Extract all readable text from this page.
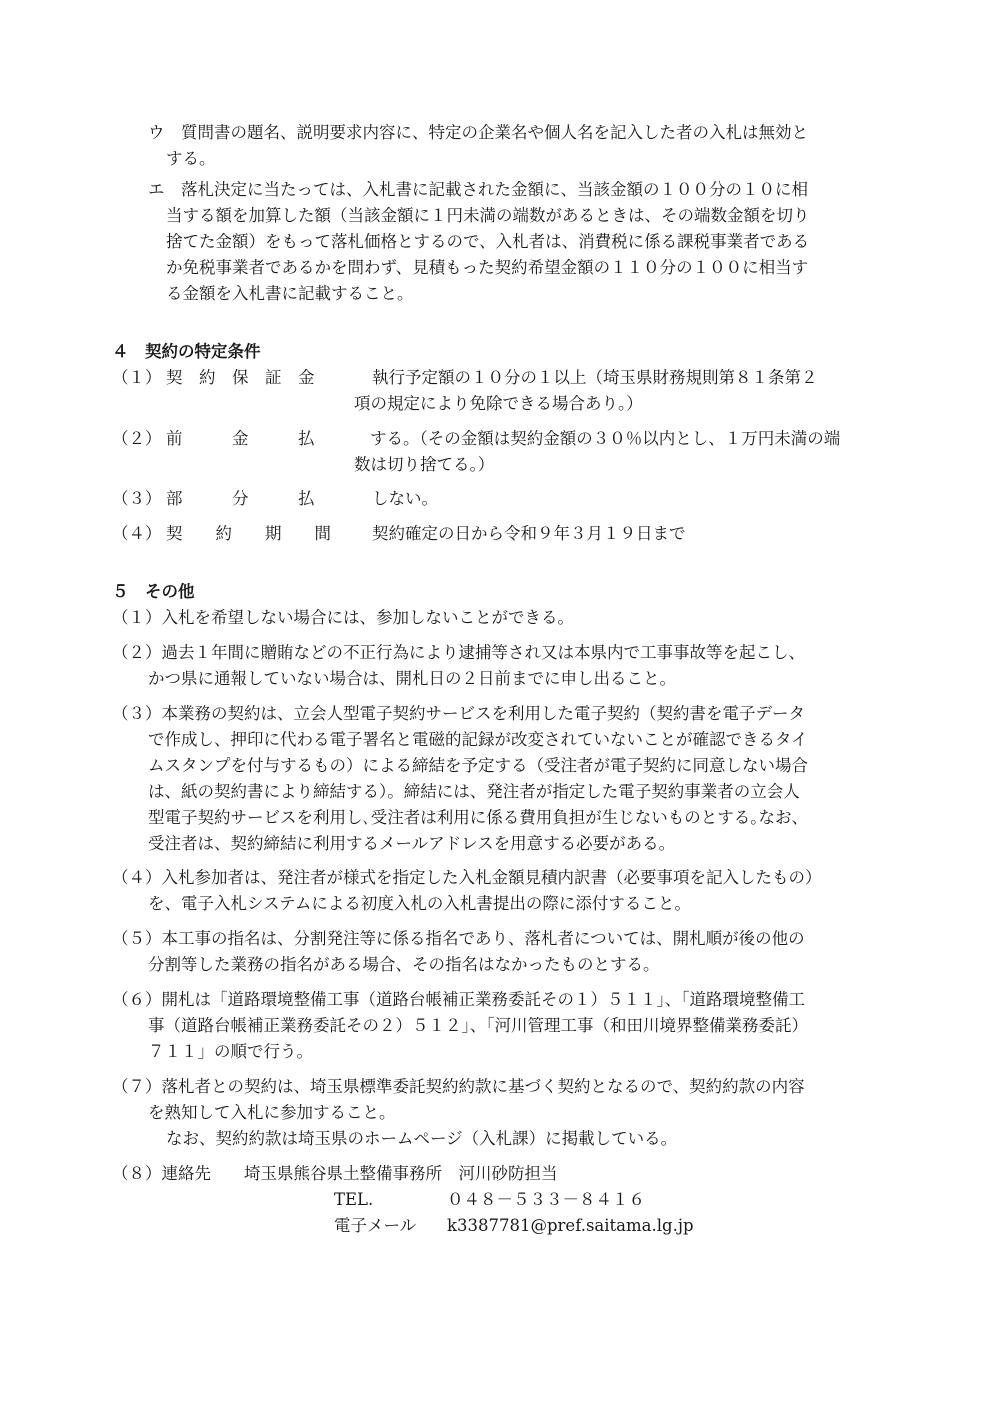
ウ　質問書の題名、説明要求内容に、特定の企業名や個人名を記入した者の入札は無効と
する。
エ　落札決定に当たっては、入札書に記載された金額に、当該金額の１００分の１０に相
当する額を加算した額（当該金額に１円未満の端数があるときは、その端数金額を切り
捨てた金額）をもって落札価格とするので、入札者は、消費税に係る課税事業者である
か免税事業者であるかを問わず、見積もった契約希望金額の１１０分の１００に相当す
る金額を入札書に記載すること。
４　契約の特定条件
（１） 契　約　保　証　金	執行予定額の１０分の１以上（埼玉県財務規則第８１条第２
項の規定により免除できる場合あり。）
（２） 前　　　金　　　払	する。（その金額は契約金額の３０％以内とし、１万円未満の端
数は切り捨てる。）
（３） 部　　　分　　　払	しない。
（４） 契　　約　　期　　間 契約確定の日から令和９年３月１９日まで
５　その他
（１）入札を希望しない場合には、参加しないことができる。
（２）過去１年間に贈賄などの不正行為により逮捕等され又は本県内で工事事故等を起こし、
かつ県に通報していない場合は、開札日の２日前までに申し出ること。
（３）本業務の契約は、立会人型電子契約サービスを利用した電子契約（契約書を電子データ
で作成し、押印に代わる電子署名と電磁的記録が改変されていないことが確認できるタイ
ムスタンプを付与するもの）による締結を予定する（受注者が電子契約に同意しない場合
は、紙の契約書により締結する）。締結には、発注者が指定した電子契約事業者の立会人
型電子契約サービスを利用し､受注者は利用に係る費用負担が生じないものとする｡なお、
受注者は、契約締結に利用するメールアドレスを用意する必要がある。
（４）入札参加者は、発注者が様式を指定した入札金額見積内訳書（必要事項を記入したもの）
を、電子入札システムによる初度入札の入札書提出の際に添付すること。
（５）本工事の指名は、分割発注等に係る指名であり、落札者については、開札順が後の他の
分割等した業務の指名がある場合、その指名はなかったものとする。
（６）開札は「道路環境整備工事（道路台帳補正業務委託その１）５１１」、「道路環境整備工
事（道路台帳補正業務委託その２）５１２」、「河川管理工事（和田川境界整備業務委託）
７１１」の順で行う。
（７）落札者との契約は、埼玉県標準委託契約約款に基づく契約となるので、契約約款の内容
を熟知して入札に参加すること。
なお、契約約款は埼玉県のホームページ（入札課）に掲載している。
（８）連絡先　　埼玉県熊谷県土整備事務所　河川砂防担当
TEL.	０４８－５３３－８４１６
電子メール k3387781@pref.saitama.lg.jp
